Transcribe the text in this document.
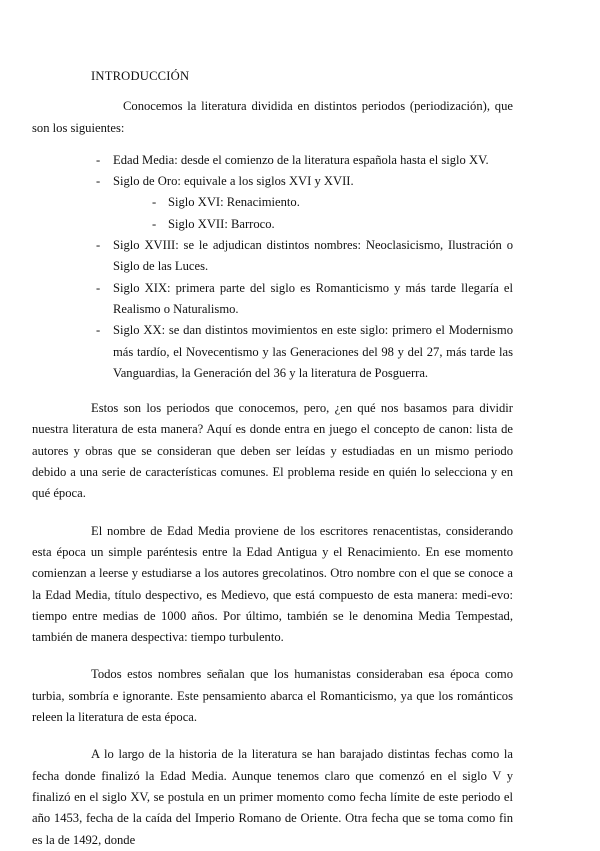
INTRODUCCIÓN

Conocemos la literatura dividida en distintos periodos (periodización), que son los siguientes:

- Edad Media: desde el comienzo de la literatura española hasta el siglo XV.
- Siglo de Oro: equivale a los siglos XVI y XVII.
- Siglo XVI: Renacimiento.
- Siglo XVII: Barroco.
- Siglo XVIII: se le adjudican distintos nombres: Neoclasicismo, Ilustración o Siglo de las Luces.
- Siglo XIX: primera parte del siglo es Romanticismo y más tarde llegaría el Realismo o Naturalismo.
- Siglo XX: se dan distintos movimientos en este siglo: primero el Modernismo más tardío, el Novecentismo y las Generaciones del 98 y del 27, más tarde las Vanguardias, la Generación del 36 y la literatura de Posguerra.

Estos son los periodos que conocemos, pero, ¿en qué nos basamos para dividir nuestra literatura de esta manera? Aquí es donde entra en juego el concepto de canon: lista de autores y obras que se consideran que deben ser leídas y estudiadas en un mismo periodo debido a una serie de características comunes. El problema reside en quién lo selecciona y en qué época.

El nombre de Edad Media proviene de los escritores renacentistas, considerando esta época un simple paréntesis entre la Edad Antigua y el Renacimiento. En ese momento comienzan a leerse y estudiarse a los autores grecolatinos. Otro nombre con el que se conoce a la Edad Media, título despectivo, es Medievo, que está compuesto de esta manera: medi-evo: tiempo entre medias de 1000 años. Por último, también se le denomina Media Tempestad, también de manera despectiva: tiempo turbulento.

Todos estos nombres señalan que los humanistas consideraban esa época como turbia, sombría e ignorante. Este pensamiento abarca el Romanticismo, ya que los románticos releen la literatura de esta época.

A lo largo de la historia de la literatura se han barajado distintas fechas como la fecha donde finalizó la Edad Media. Aunque tenemos claro que comenzó en el siglo V y finalizó en el siglo XV, se postula en un primer momento como fecha límite de este periodo el año 1453, fecha de la caída del Imperio Romano de Oriente. Otra fecha que se toma como fin es la de 1492, donde
